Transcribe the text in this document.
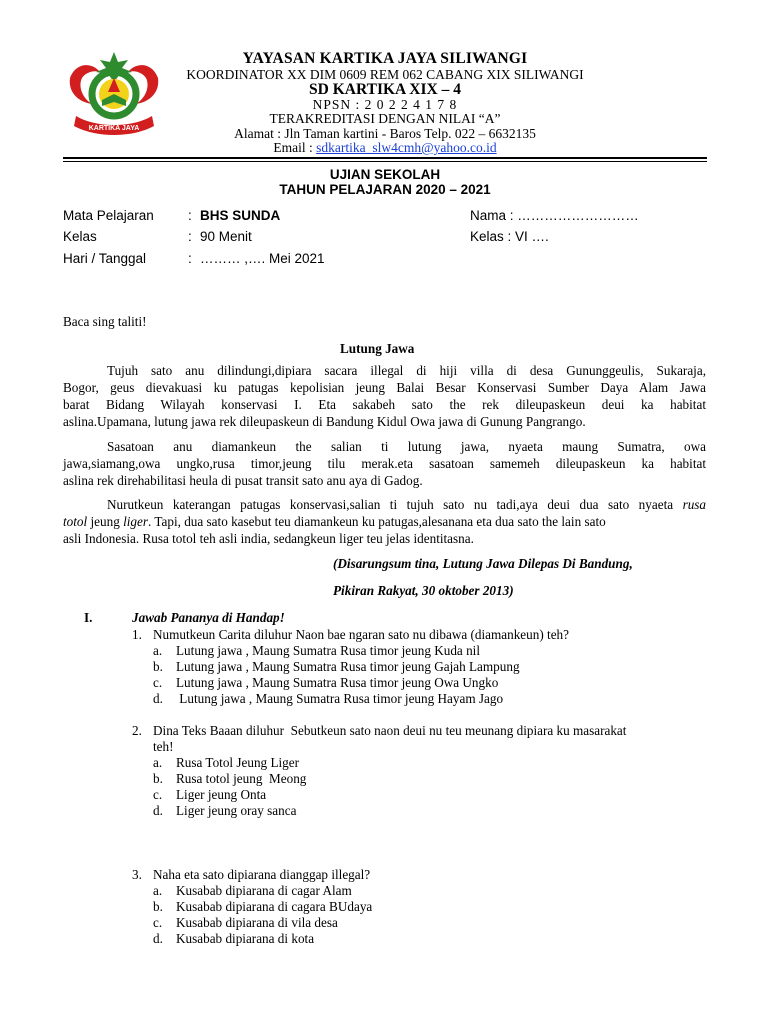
KARTIKA JAYA
YAYASAN KARTIKA JAYA SILIWANGI
KOORDINATOR XX DIM 0609 REM 062 CABANG XIX SILIWANGI
SD KARTIKA XIX – 4
NPSN : 2 0 2 2 4 1 7 8
TERAKREDITASI DENGAN NILAI “A”
Alamat : Jln Taman kartini - Baros Telp. 022 – 6632135
Email : sdkartika_slw4cmh@yahoo.co.id
UJIAN SEKOLAH
TAHUN PELAJARAN 2020 – 2021
Mata Pelajaran	: BHS SUNDA	Nama : ………………………
Kelas	: 90 Menit	Kelas : VI ….
Hari / Tanggal	: ……… ,…. Mei 2021
Baca sing taliti!
Lutung Jawa
Tujuh sato anu dilindungi,dipiara sacara illegal di hiji villa di desa Gununggeulis, Sukaraja,
Bogor, geus dievakuasi ku patugas kepolisian jeung Balai Besar Konservasi Sumber Daya Alam Jawa
barat Bidang Wilayah konservasi I. Eta sakabeh sato the rek dileupaskeun deui ka habitat
aslina.Upamana, lutung jawa rek dileupaskeun di Bandung Kidul Owa jawa di Gunung Pangrango.
Sasatoan anu diamankeun the salian ti lutung jawa, nyaeta maung Sumatra, owa
jawa,siamang,owa ungko,rusa timor,jeung tilu merak.eta sasatoan samemeh dileupaskeun ka habitat
aslina rek direhabilitasi heula di pusat transit sato anu aya di Gadog.
Nurutkeun katerangan patugas konservasi,salian ti tujuh sato nu tadi,aya deui dua sato nyaeta rusa
totol jeung liger. Tapi, dua sato kasebut teu diamankeun ku patugas,alesanana eta dua sato the lain sato
asli Indonesia. Rusa totol teh asli india, sedangkeun liger teu jelas identitasna.
(Disarungsum tina, Lutung Jawa Dilepas Di Bandung,
Pikiran Rakyat, 30 oktober 2013)
I.	Jawab Pananya di Handap!
1. Numutkeun Carita diluhur Naon bae ngaran sato nu dibawa (diamankeun) teh?
a. Lutung jawa , Maung Sumatra Rusa timor jeung Kuda nil
b. Lutung jawa , Maung Sumatra Rusa timor jeung Gajah Lampung
c. Lutung jawa , Maung Sumatra Rusa timor jeung Owa Ungko
d. Lutung jawa , Maung Sumatra Rusa timor jeung Hayam Jago
2. Dina Teks Baaan diluhur  Sebutkeun sato naon deui nu teu meunang dipiara ku masarakat
teh!
a. Rusa Totol Jeung Liger
b. Rusa totol jeung  Meong
c. Liger jeung Onta
d. Liger jeung oray sanca
3. Naha eta sato dipiarana dianggap illegal?
a. Kusabab dipiarana di cagar Alam
b. Kusabab dipiarana di cagara BUdaya
c. Kusabab dipiarana di vila desa
d. Kusabab dipiarana di kota
